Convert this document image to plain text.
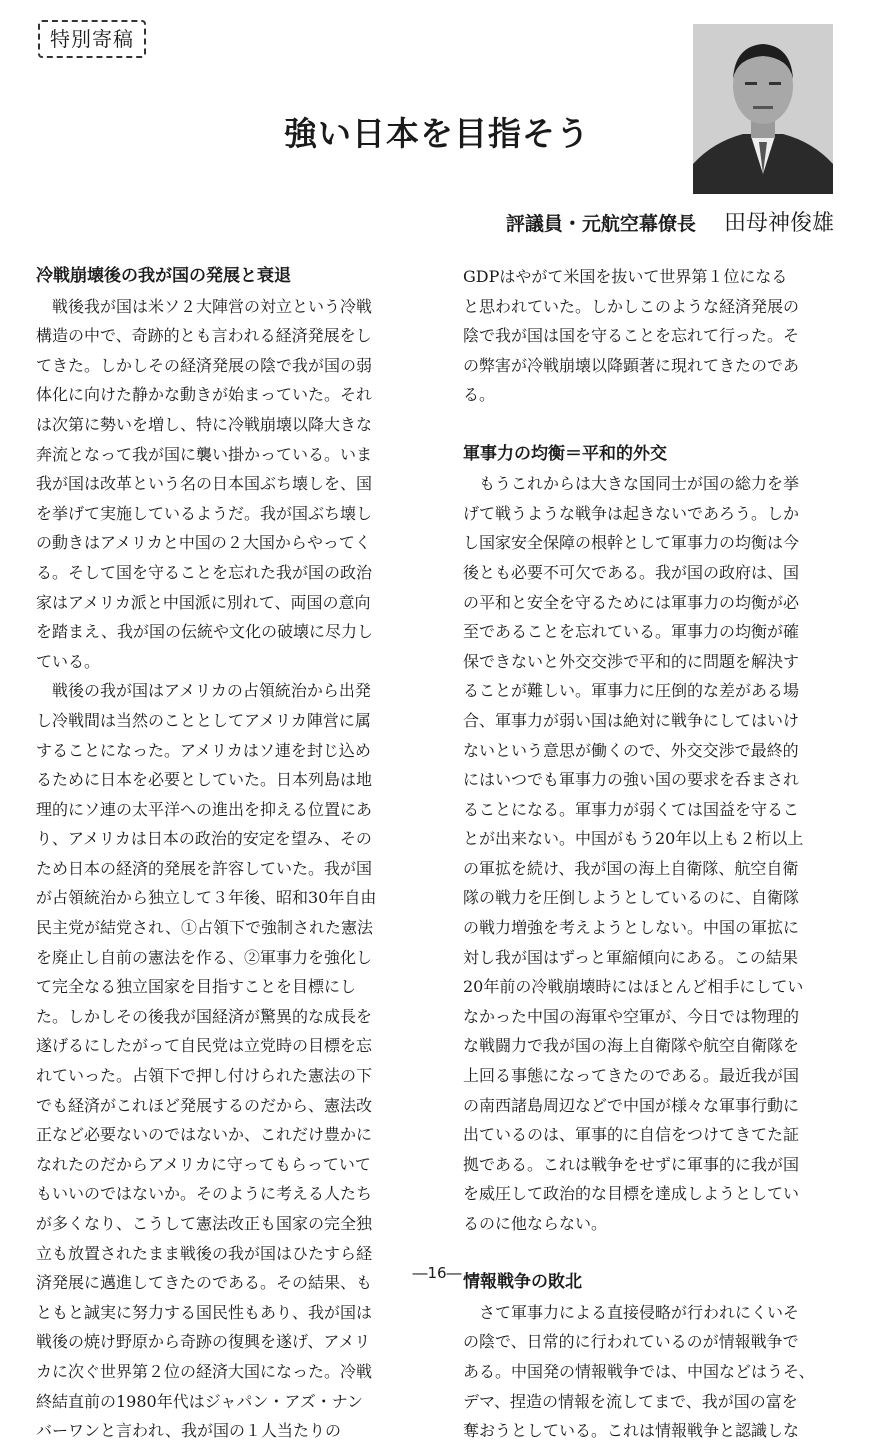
特別寄稿
強い日本を目指そう
評議員・元航空幕僚長 田母神俊雄
冷戦崩壊後の我が国の発展と衰退
　戦後我が国は米ソ２大陣営の対立という冷戦
構造の中で、奇跡的とも言われる経済発展をし
てきた。しかしその経済発展の陰で我が国の弱
体化に向けた静かな動きが始まっていた。それ
は次第に勢いを増し、特に冷戦崩壊以降大きな
奔流となって我が国に襲い掛かっている。いま
我が国は改革という名の日本国ぶち壊しを、国
を挙げて実施しているようだ。我が国ぶち壊し
の動きはアメリカと中国の２大国からやってく
る。そして国を守ることを忘れた我が国の政治
家はアメリカ派と中国派に別れて、両国の意向
を踏まえ、我が国の伝統や文化の破壊に尽力し
ている。
　戦後の我が国はアメリカの占領統治から出発
し冷戦間は当然のこととしてアメリカ陣営に属
することになった。アメリカはソ連を封じ込め
るために日本を必要としていた。日本列島は地
理的にソ連の太平洋への進出を抑える位置にあ
り、アメリカは日本の政治的安定を望み、その
ため日本の経済的発展を許容していた。我が国
が占領統治から独立して３年後、昭和30年自由
民主党が結党され、①占領下で強制された憲法
を廃止し自前の憲法を作る、②軍事力を強化し
て完全なる独立国家を目指すことを目標にし
た。しかしその後我が国経済が驚異的な成長を
遂げるにしたがって自民党は立党時の目標を忘
れていった。占領下で押し付けられた憲法の下
でも経済がこれほど発展するのだから、憲法改
正など必要ないのではないか、これだけ豊かに
なれたのだからアメリカに守ってもらっていて
もいいのではないか。そのように考える人たち
が多くなり、こうして憲法改正も国家の完全独
立も放置されたまま戦後の我が国はひたすら経
済発展に邁進してきたのである。その結果、も
ともと誠実に努力する国民性もあり、我が国は
戦後の焼け野原から奇跡の復興を遂げ、アメリ
カに次ぐ世界第２位の経済大国になった。冷戦
終結直前の1980年代はジャパン・アズ・ナン
バーワンと言われ、我が国の１人当たりの
GDPはやがて米国を抜いて世界第１位になる
と思われていた。しかしこのような経済発展の
陰で我が国は国を守ることを忘れて行った。そ
の弊害が冷戦崩壊以降顕著に現れてきたのであ
る。
軍事力の均衡＝平和的外交
　もうこれからは大きな国同士が国の総力を挙
げて戦うような戦争は起きないであろう。しか
し国家安全保障の根幹として軍事力の均衡は今
後とも必要不可欠である。我が国の政府は、国
の平和と安全を守るためには軍事力の均衡が必
至であることを忘れている。軍事力の均衡が確
保できないと外交交渉で平和的に問題を解決す
ることが難しい。軍事力に圧倒的な差がある場
合、軍事力が弱い国は絶対に戦争にしてはいけ
ないという意思が働くので、外交交渉で最終的
にはいつでも軍事力の強い国の要求を呑まされ
ることになる。軍事力が弱くては国益を守るこ
とが出来ない。中国がもう20年以上も２桁以上
の軍拡を続け、我が国の海上自衛隊、航空自衛
隊の戦力を圧倒しようとしているのに、自衛隊
の戦力増強を考えようとしない。中国の軍拡に
対し我が国はずっと軍縮傾向にある。この結果
20年前の冷戦崩壊時にはほとんど相手にしてい
なかった中国の海軍や空軍が、今日では物理的
な戦闘力で我が国の海上自衛隊や航空自衛隊を
上回る事態になってきたのである。最近我が国
の南西諸島周辺などで中国が様々な軍事行動に
出ているのは、軍事的に自信をつけてきてた証
拠である。これは戦争をせずに軍事的に我が国
を威圧して政治的な目標を達成しようとしてい
るのに他ならない。
情報戦争の敗北
　さて軍事力による直接侵略が行われにくいそ
の陰で、日常的に行われているのが情報戦争で
ある。中国発の情報戦争では、中国などはうそ、
デマ、捏造の情報を流してまで、我が国の富を
奪おうとしている。これは情報戦争と認識しな
―16―
